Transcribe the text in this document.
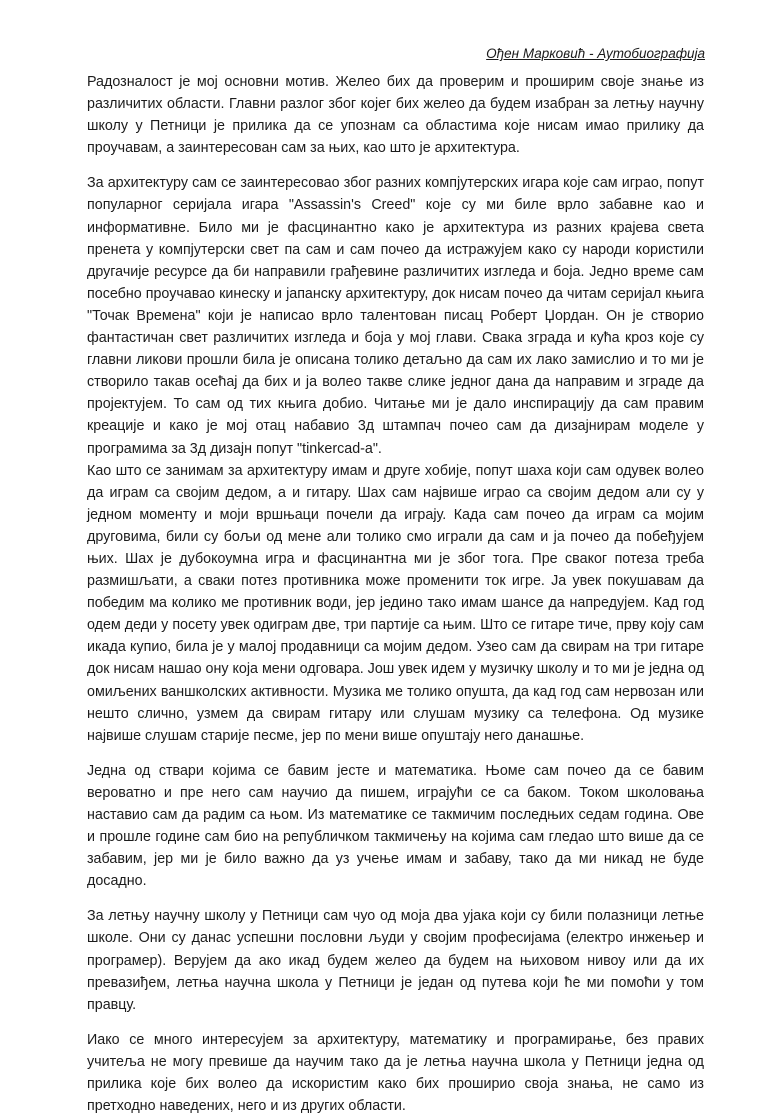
Ођен Марковић - Аутобиографија

Радозналост је мој основни мотив. Желео бих да проверим и проширим своје знање из различитих области. Главни разлог због којег бих желео да будем изабран за летњу научну школу у Петници је прилика да се упознам са областима које нисам имао прилику да проучавам, а заинтересован сам за њих, као што је архитектура.

За архитектуру сам се заинтересовао због разних компјутерских игара које сам играо, попут популарног серијала игара "Assassin's Creed" које су ми биле врло забавне као и информативне. Било ми је фасцинантно како је архитектура из разних крајева света пренета у компјутерски свет па сам и сам почео да истражујем како су народи користили другачије ресурсе да би направили грађевине различитих изгледа и боја. Једно време сам посебно проучавао кинеску и јапанску архитектуру, док нисам почео да читам серијал књига "Точак Времена" који је написао врло талентован писац Роберт Џордан. Он је створио фантастичан свет различитих изгледа и боја у мој глави. Свака зграда и кућа кроз које су главни ликови прошли била је описана толико детаљно да сам их лако замислио и то ми је створило такав осећај да бих и ја волео такве слике једног дана да направим и зграде да пројектујем. То сам од тих књига добио. Читање ми је дало инспирацију да сам правим креације и како је мој отац набавио 3д штампач почео сам да дизајнирам моделе у програмима за 3д дизајн попут "tinkercad-a".

Као што се занимам за архитектуру имам и друге хобије, попут шаха који сам одувек волео да играм са својим дедом, а и гитару. Шах сам највише играо са својим дедом али су у једном моменту и моји вршњаци почели да играју. Када сам почео да играм са мојим друговима, били су бољи од мене али толико смо играли да сам и ја почео да побеђујем њих. Шах је дубокоумна игра и фасцинантна ми је због тога. Пре сваког потеза треба размишљати, а сваки потез противника може променити ток игре. Ја увек покушавам да победим ма колико ме противник води, јер једино тако имам шансе да напредујем. Кад год одем деди у посету увек одиграм две, три партије са њим. Што се гитаре тиче, прву коју сам икада купио, била је у малој продавници са мојим дедом. Узео сам да свирам на три гитаре док нисам нашао ону која мени одговара. Још увек идем у музичку школу и то ми је једна од омиљених ваншколских активности. Музика ме толико опушта, да кад год сам нервозан или нешто слично, узмем да свирам гитару или слушам музику са телефона. Од музике највише слушам старије песме, јер по мени више опуштају него данашње.

Једна од ствари којима се бавим јесте и математика. Њоме сам почео да се бавим вероватно и пре него сам научио да пишем, играјући се са баком. Током школовања наставио сам да радим са њом. Из математике се такмичим последњих седам година. Ове и прошле године сам био на републичком такмичењу на којима сам гледао што више да се забавим, јер ми је било важно да уз учење имам и забаву, тако да ми никад не буде досадно.

За летњу научну школу у Петници сам чуо од моја два ујака који су били полазници летње школе. Они су данас успешни пословни људи у својим професијама (електро инжењер и програмер). Верујем да ако икад будем желео да будем на њиховом нивоу или да их превазиђем, летња научна школа у Петници је један од путева који ће ми помоћи у том правцу.

Иако се много интересујем за архитектуру, математику и програмирање, без правих учитеља не могу превише да научим тако да је летња научна школа у Петници једна од прилика које бих волео да искористим како бих проширио своја знања, не само из претходно наведених, него и из других области.
